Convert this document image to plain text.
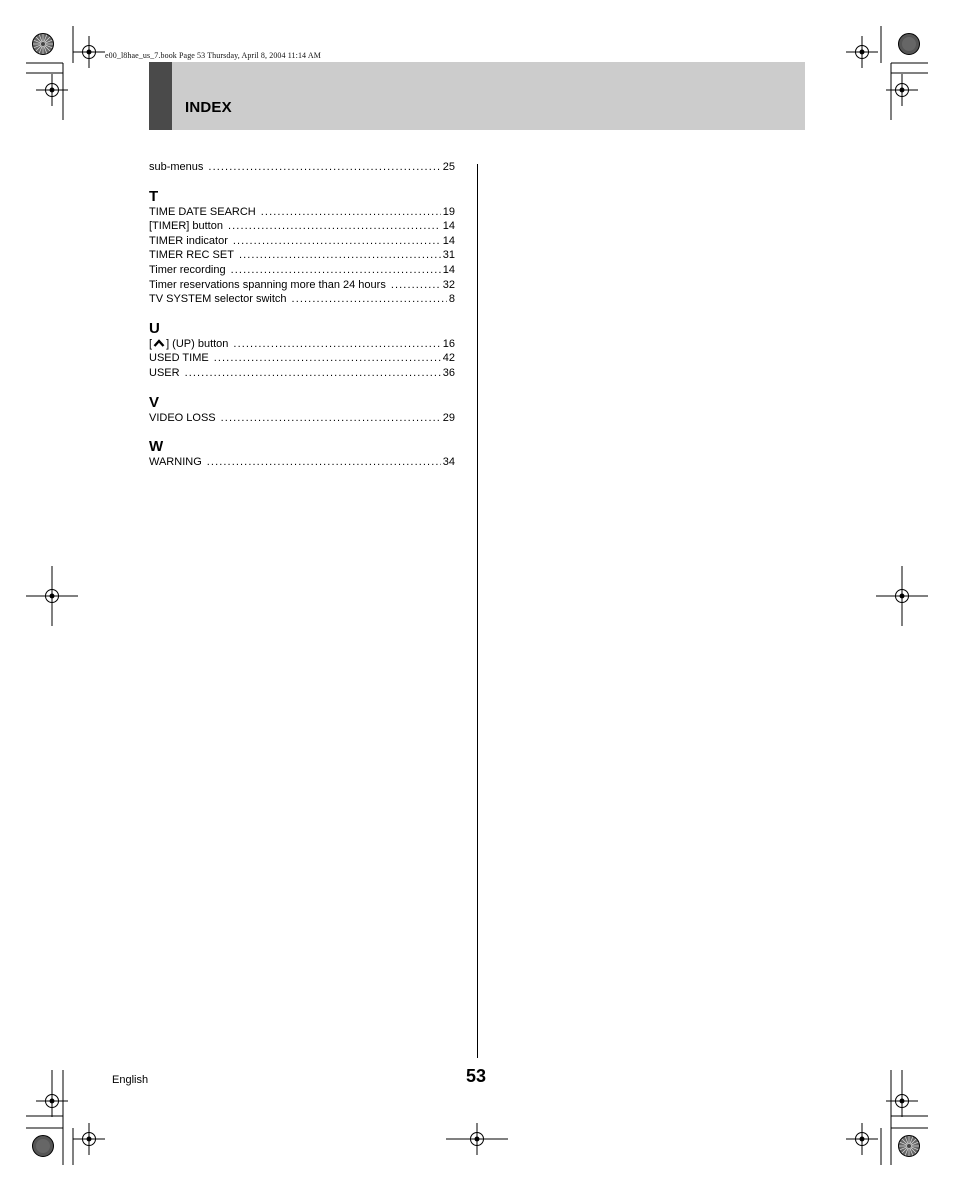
e00_l8hae_us_7.book Page 53 Thursday, April 8, 2004 11:14 AM
INDEX
sub-menus .....	25
T
TIME DATE SEARCH .....	19
[TIMER] button .....	14
TIMER indicator .....	14
TIMER REC SET .....	31
Timer recording .....	14
Timer reservations spanning more than 24 hours .....	32
TV SYSTEM selector switch .....	8
U
[ ] (UP) button .....	16
USED TIME .....	42
USER .....	36
V
VIDEO LOSS .....	29
W
WARNING .....	34
English	53
